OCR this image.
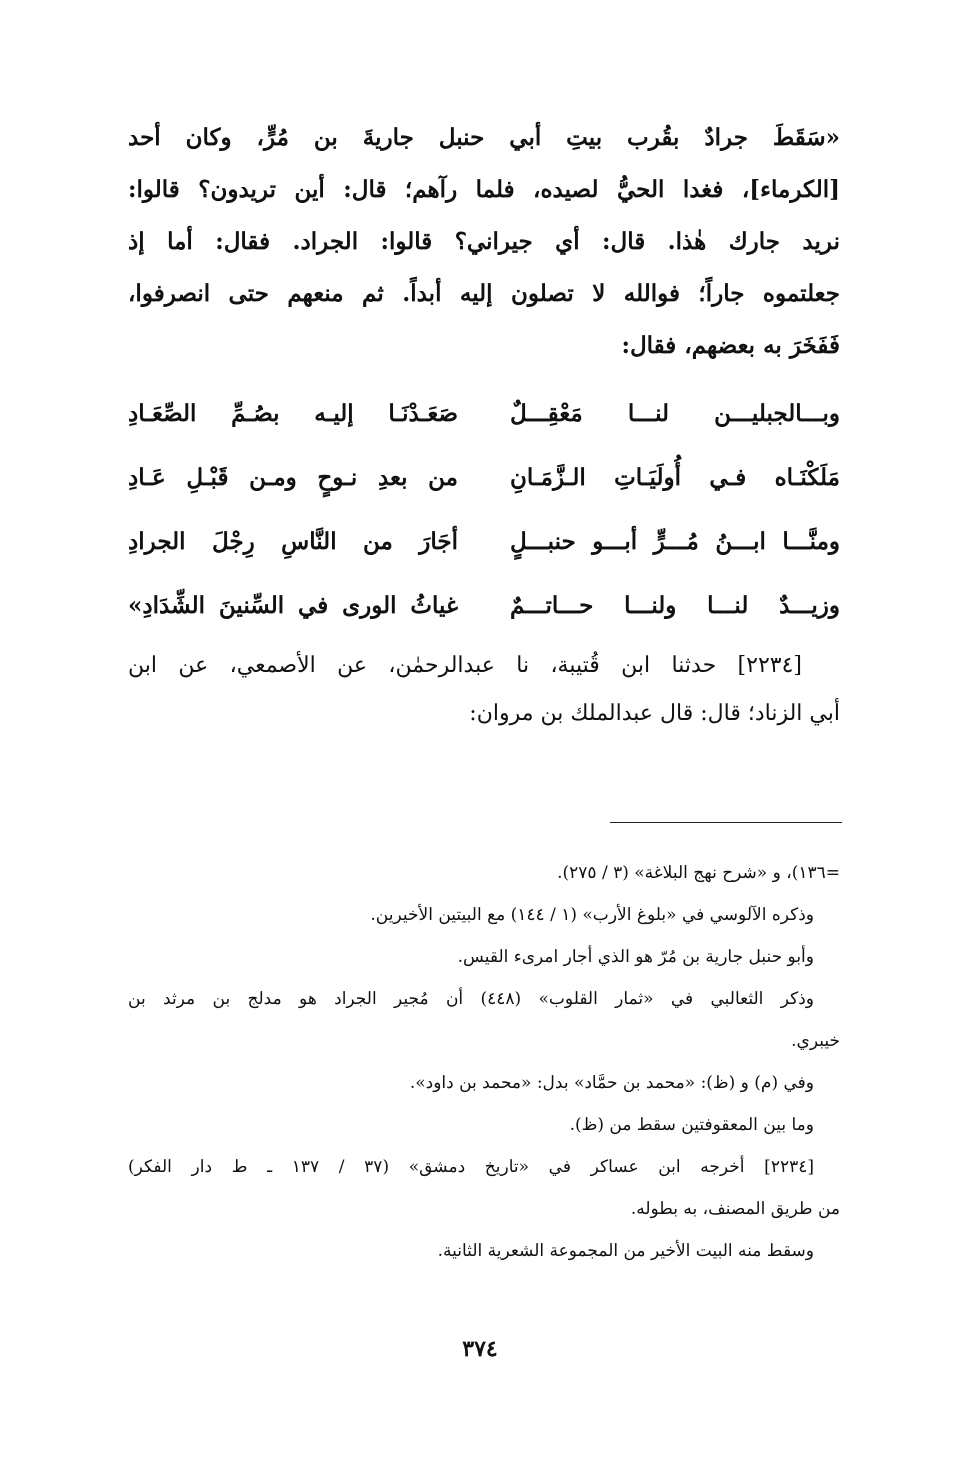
«سَقَطَ جرادٌ بقُرب بيتِ أبي حنبل جاريةَ بن مُرٍّ، وكان أحد
[الكرماء]، فغدا الحيُّ لصيده، فلما رآهم؛ قال: أين تريدون؟ قالوا:
نريد جارك هٰذا. قال: أي جيراني؟ قالوا: الجراد. فقال: أما إذ
جعلتموه جاراً؛ فوالله لا تصلون إليه أبداً. ثم منعهم حتى انصرفوا،
فَفَخَرَ به بعضهم، فقال:
وبـــالجبليـــن لنـــا مَعْقِـــلٌ
صَعَـدْنَـا إليـه بصُـمِّ الصِّعَـادِ
مَلَكْنَـاه فـي أُولَيَـاتِ الـزَّمَـانِ
من بعدِ نـوحٍ ومـن قَبْـلِ عَـادِ
ومنَّـــا ابـــنُ مُـــرٍّ أبـــو حنبـــلٍ
أجَارَ من النَّاسِ رِجْلَ الجرادِ
وزيـــدٌ لنـــا ولنـــا حـــاتـــمٌ
غياثُ الورى في السِّنينَ الشِّدَادِ»
[٢٢٣٤] حدثنا ابن قُتيبة، نا عبدالرحمٰن، عن الأصمعي، عن ابن
أبي الزناد؛ قال: قال عبدالملك بن مروان:
=١٣٦)، و «شرح نهج البلاغة» (٣ / ٢٧٥).
وذكره الآلوسي في «بلوغ الأرب» (١ / ١٤٤) مع البيتين الأخيرين.
وأبو حنبل جارية بن مُرّ هو الذي أجار امرىء القيس.
وذكر الثعالبي في «ثمار القلوب» (٤٤٨) أن مُجير الجراد هو مدلج بن مرثد بن
خيبري.
وفي (م) و (ظ): «محمد بن حمَّاد» بدل: «محمد بن داود».
وما بين المعقوفتين سقط من (ظ).
[٢٢٣٤] أخرجه ابن عساكر في «تاريخ دمشق» (٣٧ / ١٣٧ ـ ط دار الفكر)
من طريق المصنف، به بطوله.
وسقط منه البيت الأخير من المجموعة الشعرية الثانية.
٣٧٤
